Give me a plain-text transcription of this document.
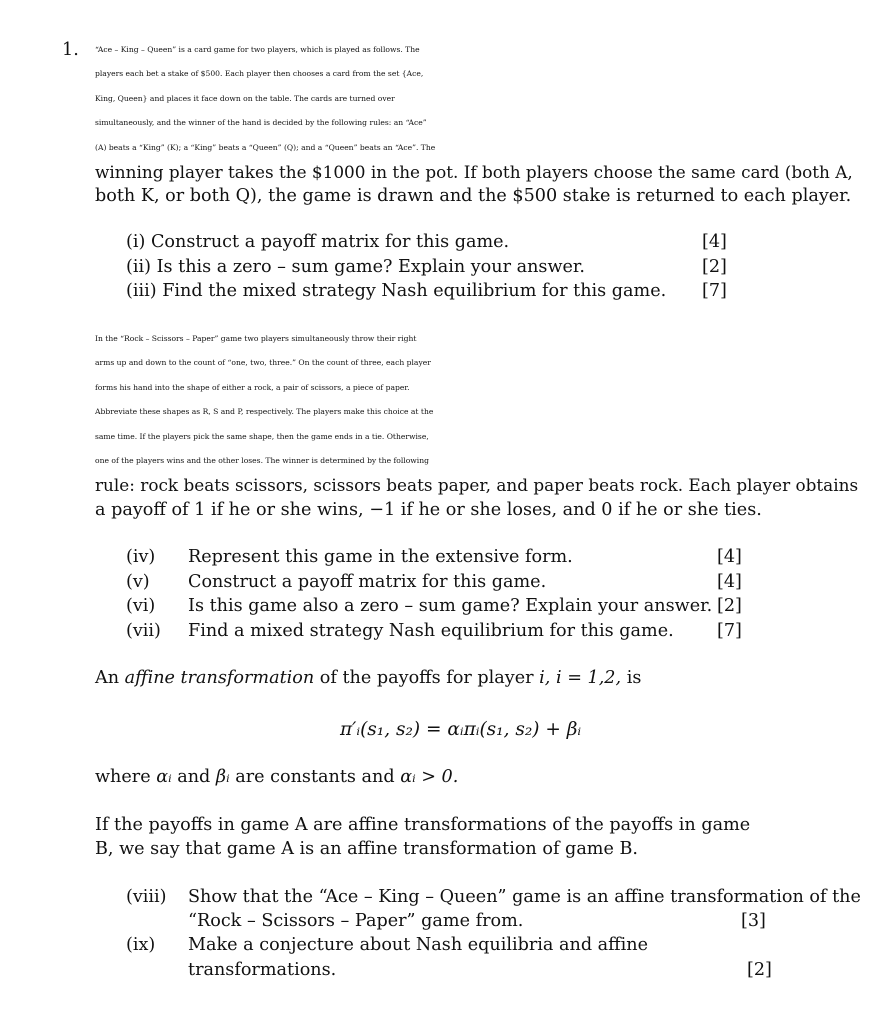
1. “Ace – King – Queen” is a card game for two players, which is played as follows. The
players each bet a stake of $500. Each player then chooses a card from the set {Ace,
King, Queen} and places it face down on the table. The cards are turned over
simultaneously, and the winner of the hand is decided by the following rules: an “Ace”
(A) beats a “King” (K); a “King” beats a “Queen” (Q); and a “Queen” beats an “Ace”. The
winning player takes the $1000 in the pot. If both players choose the same card (both A,
both K, or both Q), the game is drawn and the $500 stake is returned to each player.
(i) Construct a payoff matrix for this game.	[4]
(ii) Is this a zero – sum game? Explain your answer.	[2]
(iii) Find the mixed strategy Nash equilibrium for this game. [7]
In the “Rock – Scissors – Paper” game two players simultaneously throw their right
arms up and down to the count of “one, two, three.” On the count of three, each player
forms his hand into the shape of either a rock, a pair of scissors, a piece of paper.
Abbreviate these shapes as R, S and P, respectively. The players make this choice at the
same time. If the players pick the same shape, then the game ends in a tie. Otherwise,
one of the players wins and the other loses. The winner is determined by the following
rule: rock beats scissors, scissors beats paper, and paper beats rock. Each player obtains
a payoff of 1 if he or she wins, −1 if he or she loses, and 0 if he or she ties.
(iv) Represent this game in the extensive form.	[4]
(v) Construct a payoff matrix for this game.	[4]
(vi) Is this game also a zero – sum game? Explain your answer. [2]
(vii) Find a mixed strategy Nash equilibrium for this game. [7]
An affine transformation of the payoffs for player i, i = 1,2, is
π′ᵢ(s₁, s₂) = αᵢπᵢ(s₁, s₂) + βᵢ
where αᵢ and βᵢ are constants and αᵢ > 0.
If the payoffs in game A are affine transformations of the payoffs in game
B, we say that game A is an affine transformation of game B.
(viii) Show that the “Ace – King – Queen” game is an affine transformation of the
“Rock – Scissors – Paper” game from.	[3]
(ix) Make a conjecture about Nash equilibria and affine
transformations.	[2]
